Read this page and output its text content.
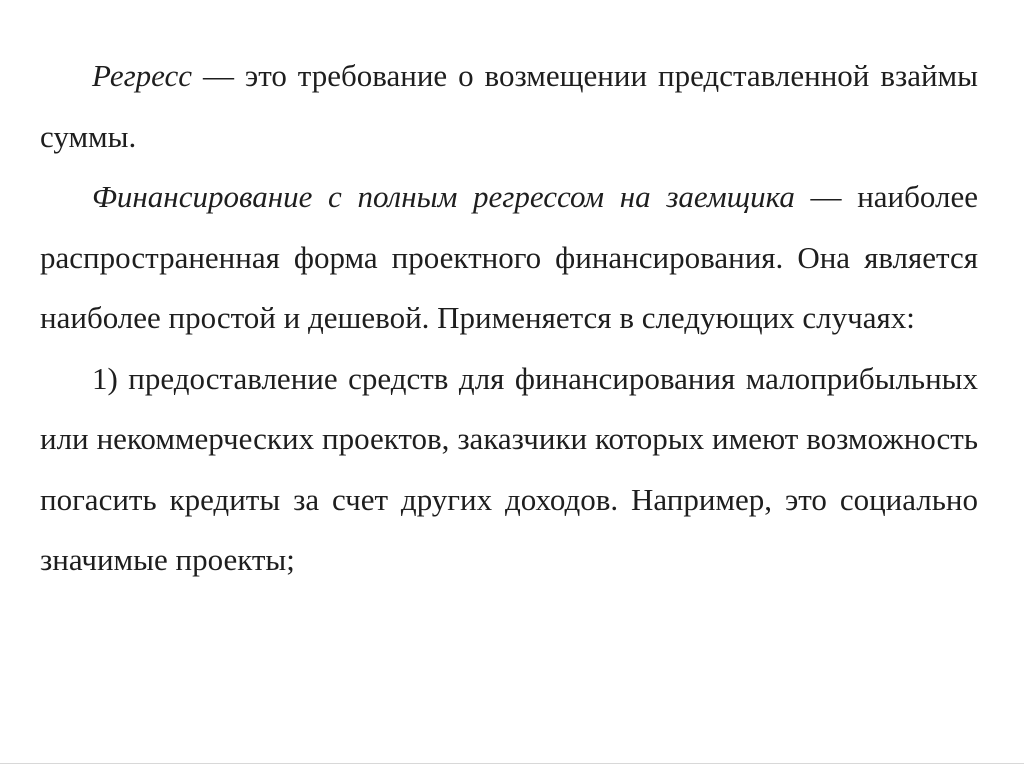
Регресс — это требование о возмещении представленной взаймы суммы.

Финансирование с полным регрессом на заемщика — наиболее распространенная форма проектного финансирования. Она является наиболее простой и дешевой. Применяется в следующих случаях:

1) предоставление средств для финансирования малоприбыльных или некоммерческих проектов, заказчики которых имеют возможность погасить кредиты за счет других доходов. Например, это социально значимые проекты;
